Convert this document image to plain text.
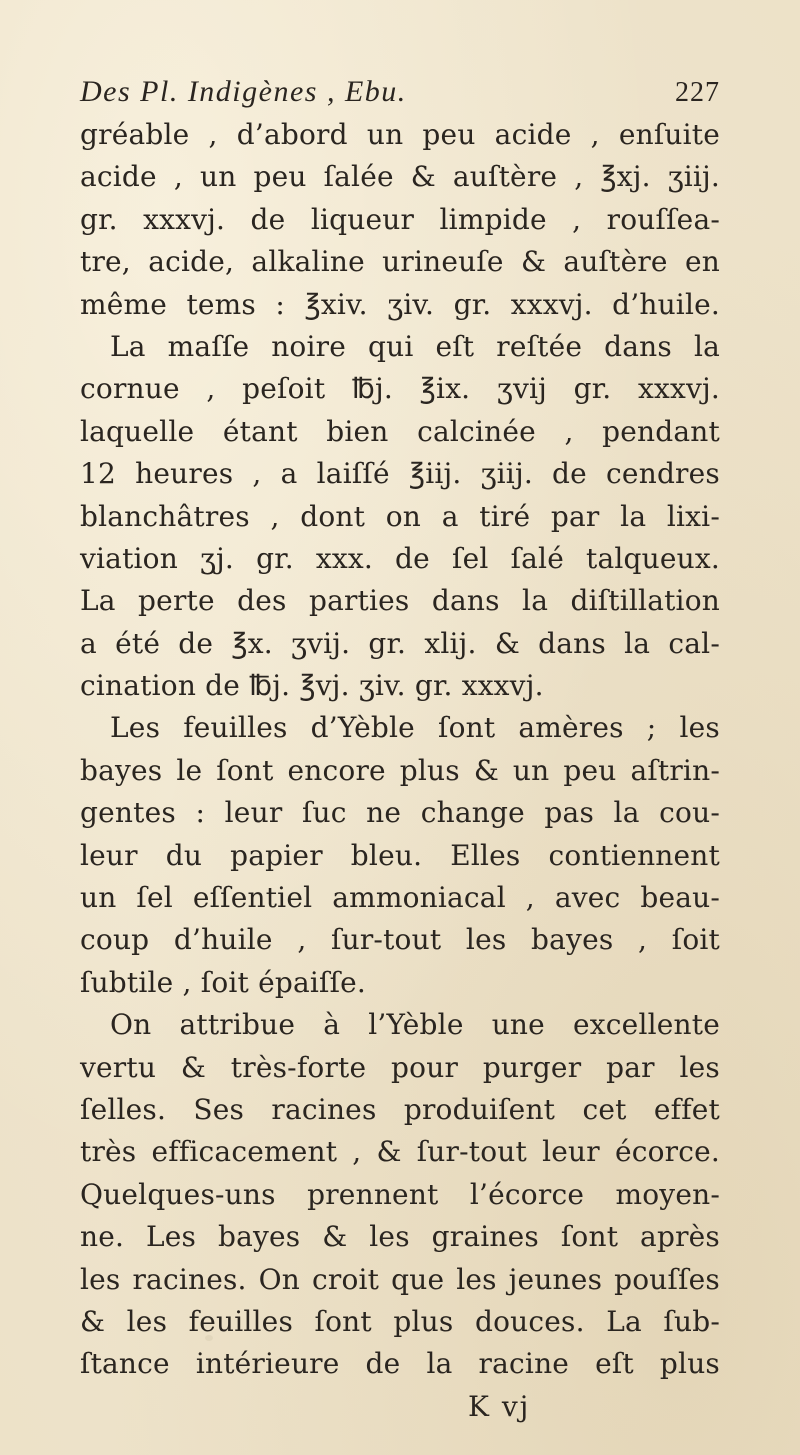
Des Pl. Indigènes , Ebu.	227
gréable , d’abord un peu acide , enſuite
acide , un peu ſalée & auſtère , ℥xj. ʒiij.
gr. xxxvj. de liqueur limpide , rouſſea-
tre, acide, alkaline urineuſe & auſtère en
même tems : ℥xiv. ʒiv. gr. xxxvj. d’huile.
La maſſe noire qui eſt reſtée dans la
cornue , peſoit ℔j. ℥ix. ʒvij gr. xxxvj.
laquelle étant bien calcinée , pendant
12 heures , a laiſſé ℥iij. ʒiij. de cendres
blanchâtres , dont on a tiré par la lixi-
viation ʒj. gr. xxx. de ſel ſalé talqueux.
La perte des parties dans la diſtillation
a été de ℥x. ʒvij. gr. xlij. & dans la cal-
cination de ℔j. ℥vj. ʒiv. gr. xxxvj.
Les feuilles d’Yèble ſont amères ; les
bayes le ſont encore plus & un peu aſtrin-
gentes : leur ſuc ne change pas la cou-
leur du papier bleu. Elles contiennent
un ſel eſſentiel ammoniacal , avec beau-
coup d’huile , ſur-tout les bayes , ſoit
ſubtile , ſoit épaiſſe.
On attribue à l’Yèble une excellente
vertu & très-forte pour purger par les
ſelles. Ses racines produiſent cet effet
très efficacement , & ſur-tout leur écorce.
Quelques-uns prennent l’écorce moyen-
ne. Les bayes & les graines ſont après
les racines. On croit que les jeunes pouſſes
& les feuilles ſont plus douces. La ſub-
ſtance intérieure de la racine eſt plus
K vj
